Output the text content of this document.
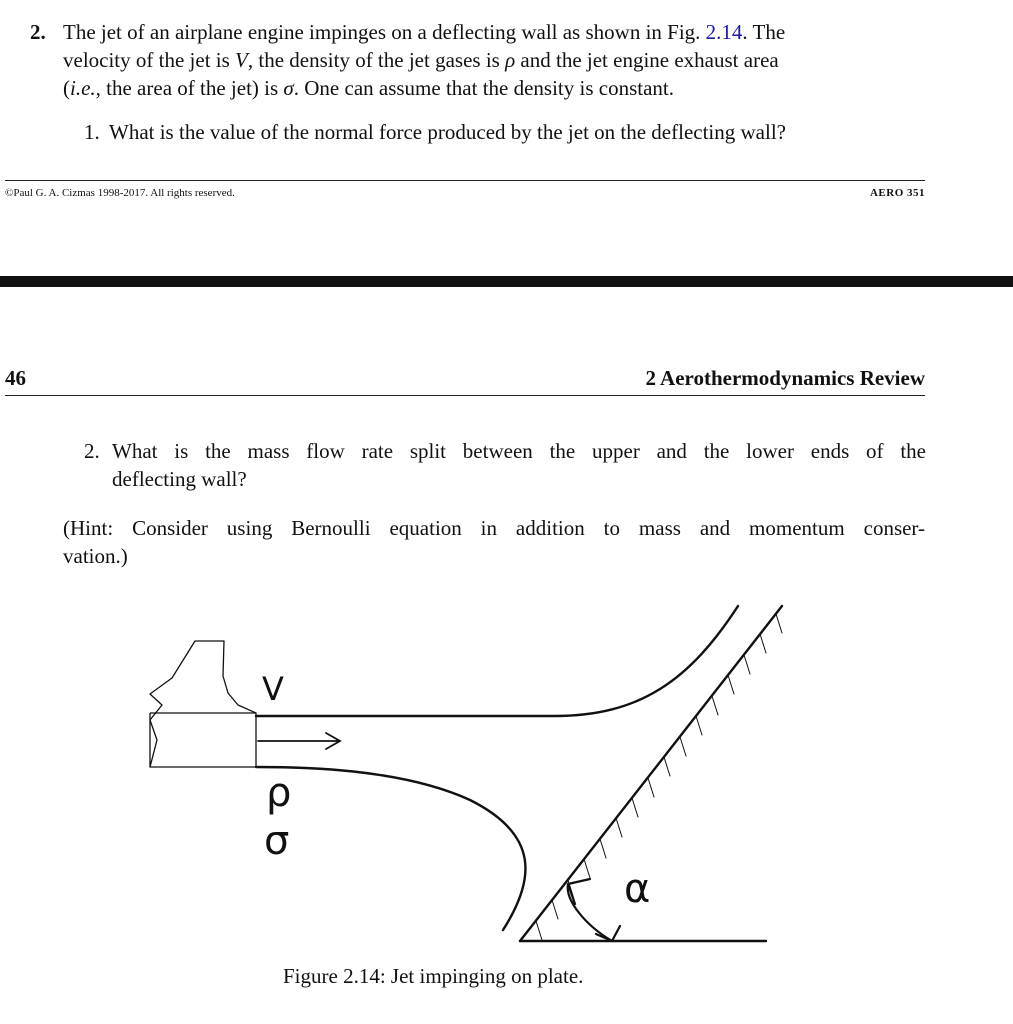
2. The jet of an airplane engine impinges on a deflecting wall as shown in Fig. 2.14. The
velocity of the jet is V, the density of the jet gases is ρ and the jet engine exhaust area
(i.e., the area of the jet) is σ. One can assume that the density is constant.
1. What is the value of the normal force produced by the jet on the deflecting wall?
©Paul G. A. Cizmas 1998-2017. All rights reserved.	AERO 351
46	2 Aerothermodynamics Review
2. What is the mass flow rate split between the upper and the lower ends of the
deflecting wall?
(Hint: Consider using Bernoulli equation in addition to mass and momentum conser-
vation.)
V
ρ
σ
α
Figure 2.14: Jet impinging on plate.
